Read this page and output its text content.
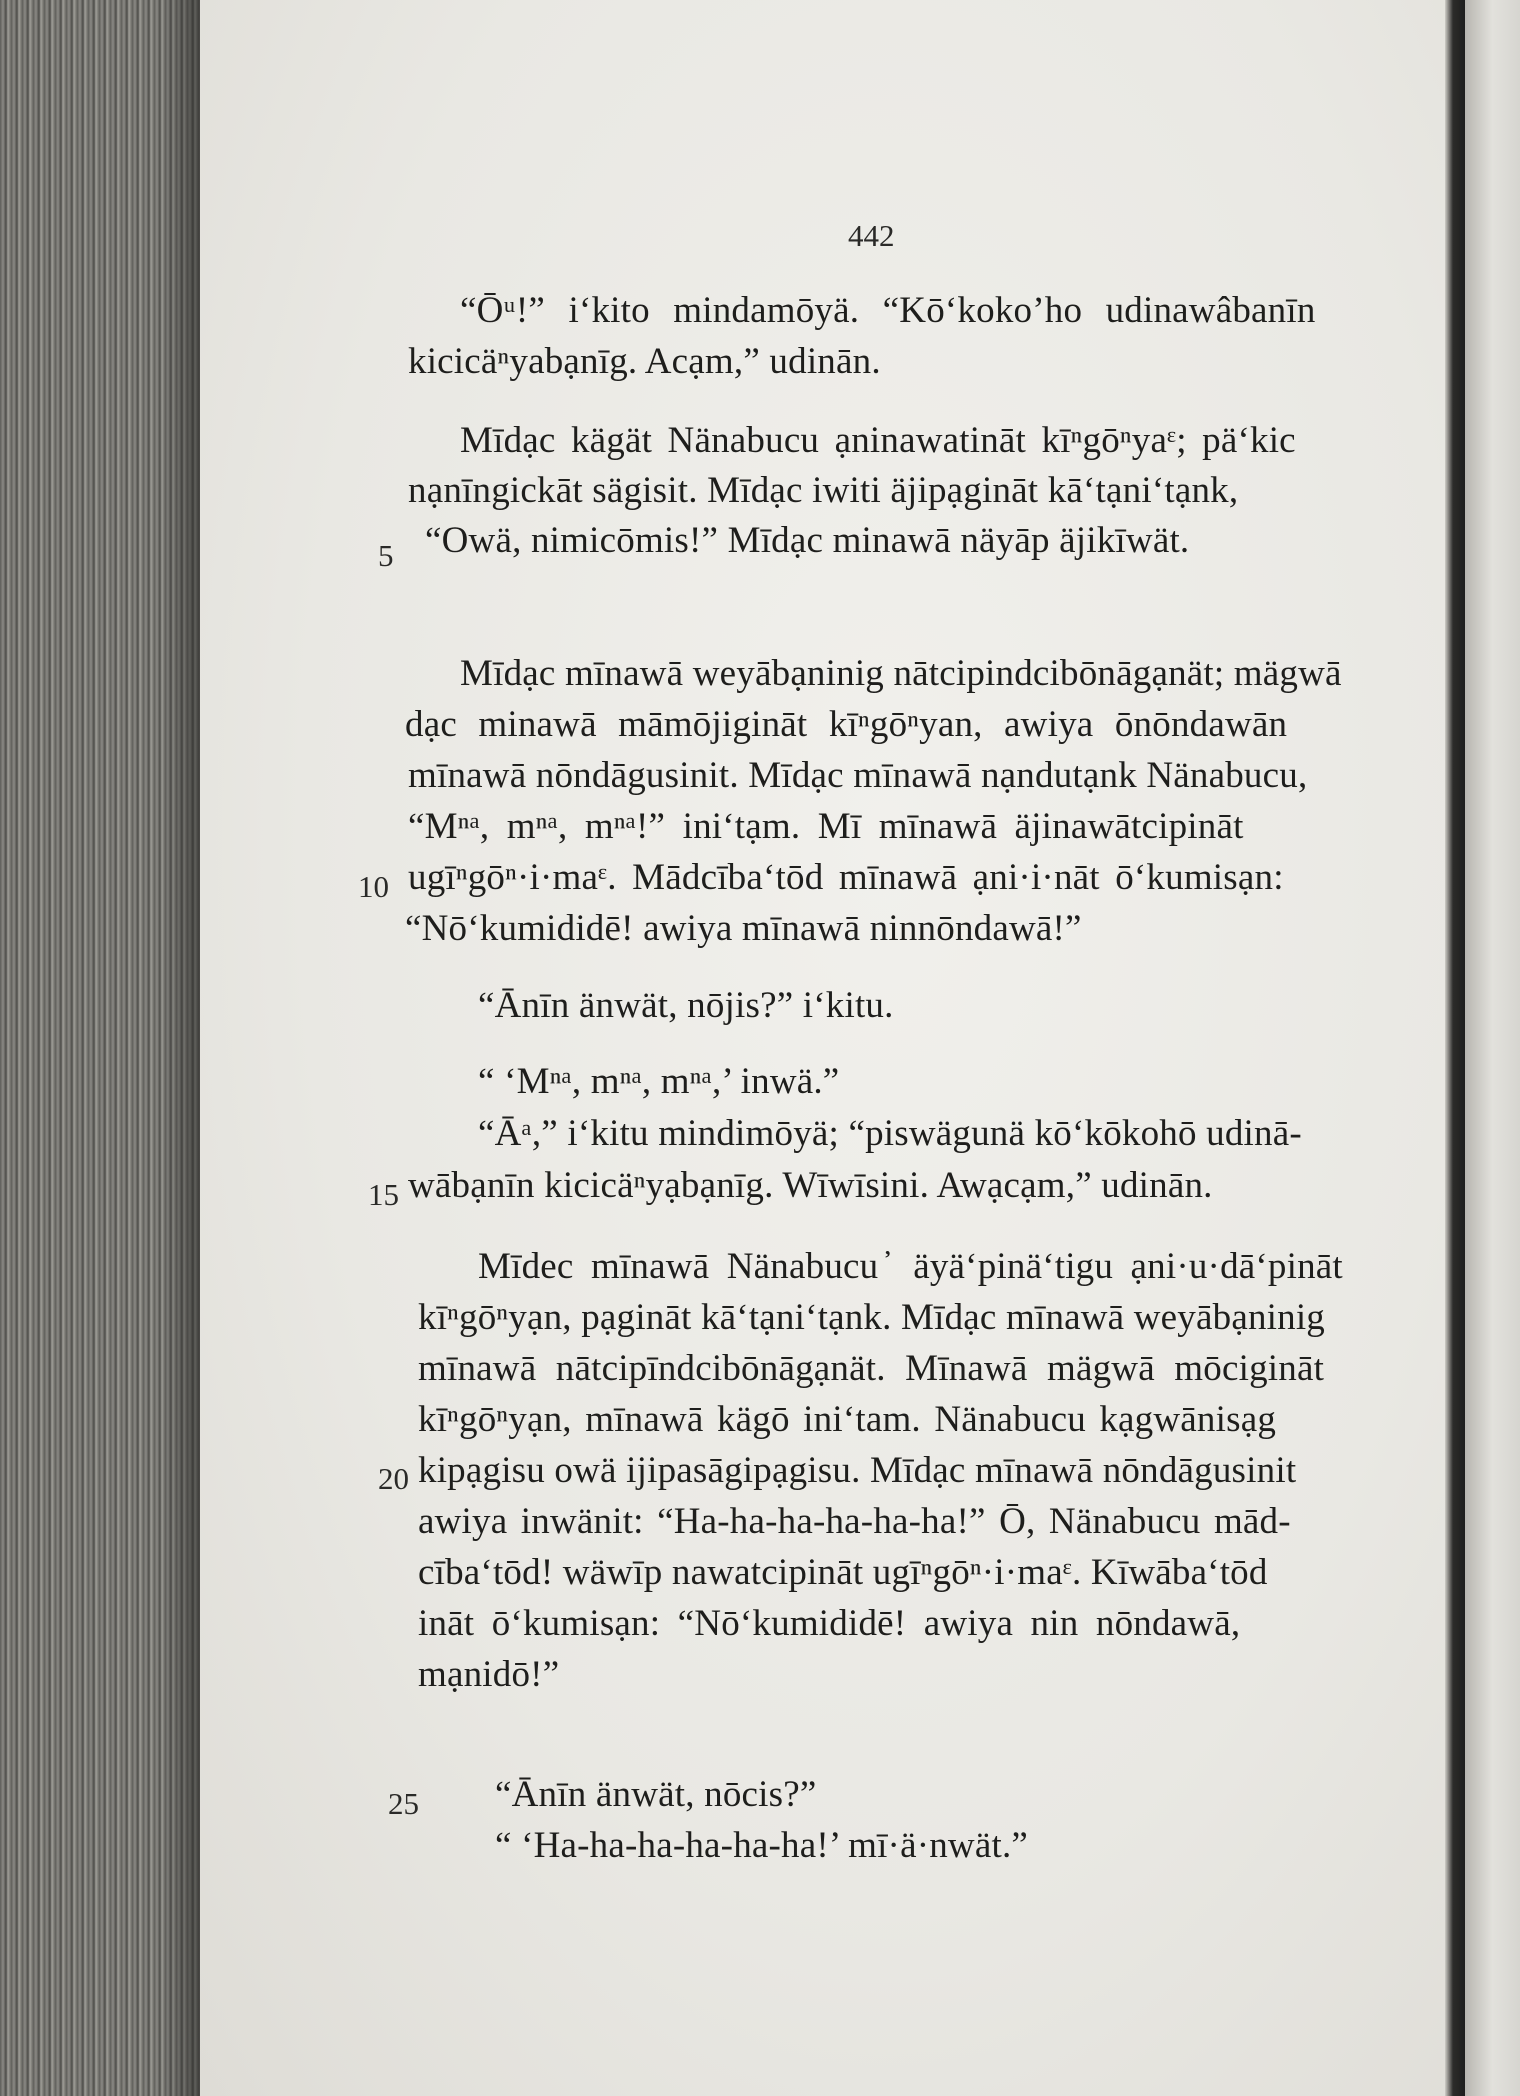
442
“Ōᵘ!” iʻkito mindamōyä. “Kōʻkokoʼho udinawâbanīn
kicicäⁿyabạnīg. Acạm,” udinān.
Mīdạc kägät Nänabucu ạninawatināt kīⁿgōⁿyaᵋ; päʻkic
nạnīngickāt sägisit. Mīdạc iwiti äjipạgināt kāʻtạniʻtạnk,
“Owä, nimicōmis!” Mīdạc minawā näyāp äjikīwät.
Mīdạc mīnawā weyābạninig nātcipindcibōnāgạnät; mägwā
dạc minawā māmōjigināt kīⁿgōⁿyan, awiya ōnōndawān
mīnawā nōndāgusinit. Mīdạc mīnawā nạndutạnk Nänabucu,
“Mⁿᵃ, mⁿᵃ, mⁿᵃ!” iniʻtạm. Mī mīnawā äjinawātcipināt
ugīⁿgōⁿ·i·maᵋ. Mādcībaʻtōd mīnawā ạni·i·nāt ōʻkumisạn:
“Nōʻkumididē! awiya mīnawā ninnōndawā!”
“Ānīn änwät, nōjis?” iʻkitu.
“ ‘Mⁿᵃ, mⁿᵃ, mⁿᵃ,’ inwä.”
“Āᵃ,” iʻkitu mindimōyä; “piswägunä kōʻkōkohō udinā-
wābạnīn kicicäⁿyạbạnīg. Wīwīsini. Awạcạm,” udinān.
Mīdec mīnawā Nänabucu ̓ äyäʻpinäʻtigu ạni·u·dāʻpināt
kīⁿgōⁿyạn, pạgināt kāʻtạniʻtạnk. Mīdạc mīnawā weyābạninig
mīnawā nātcipīndcibōnāgạnät. Mīnawā mägwā mōcigināt
kīⁿgōⁿyạn, mīnawā kägō iniʻtam. Nänabucu kạgwānisạg
kipạgisu owä ijipasāgipạgisu. Mīdạc mīnawā nōndāgusinit
awiya inwänit: “Ha-ha-ha-ha-ha-ha!” Ō, Nänabucu mād-
cībaʻtōd! wäwīp nawatcipināt ugīⁿgōⁿ·i·maᵋ. Kīwābaʻtōd
ināt ōʻkumisạn: “Nōʻkumididē! awiya nin nōndawā,
mạnidō!”
“Ānīn änwät, nōcis?”
“ ‘Ha-ha-ha-ha-ha-ha!’ mī·ä·nwät.”
5
10
15
20
25
